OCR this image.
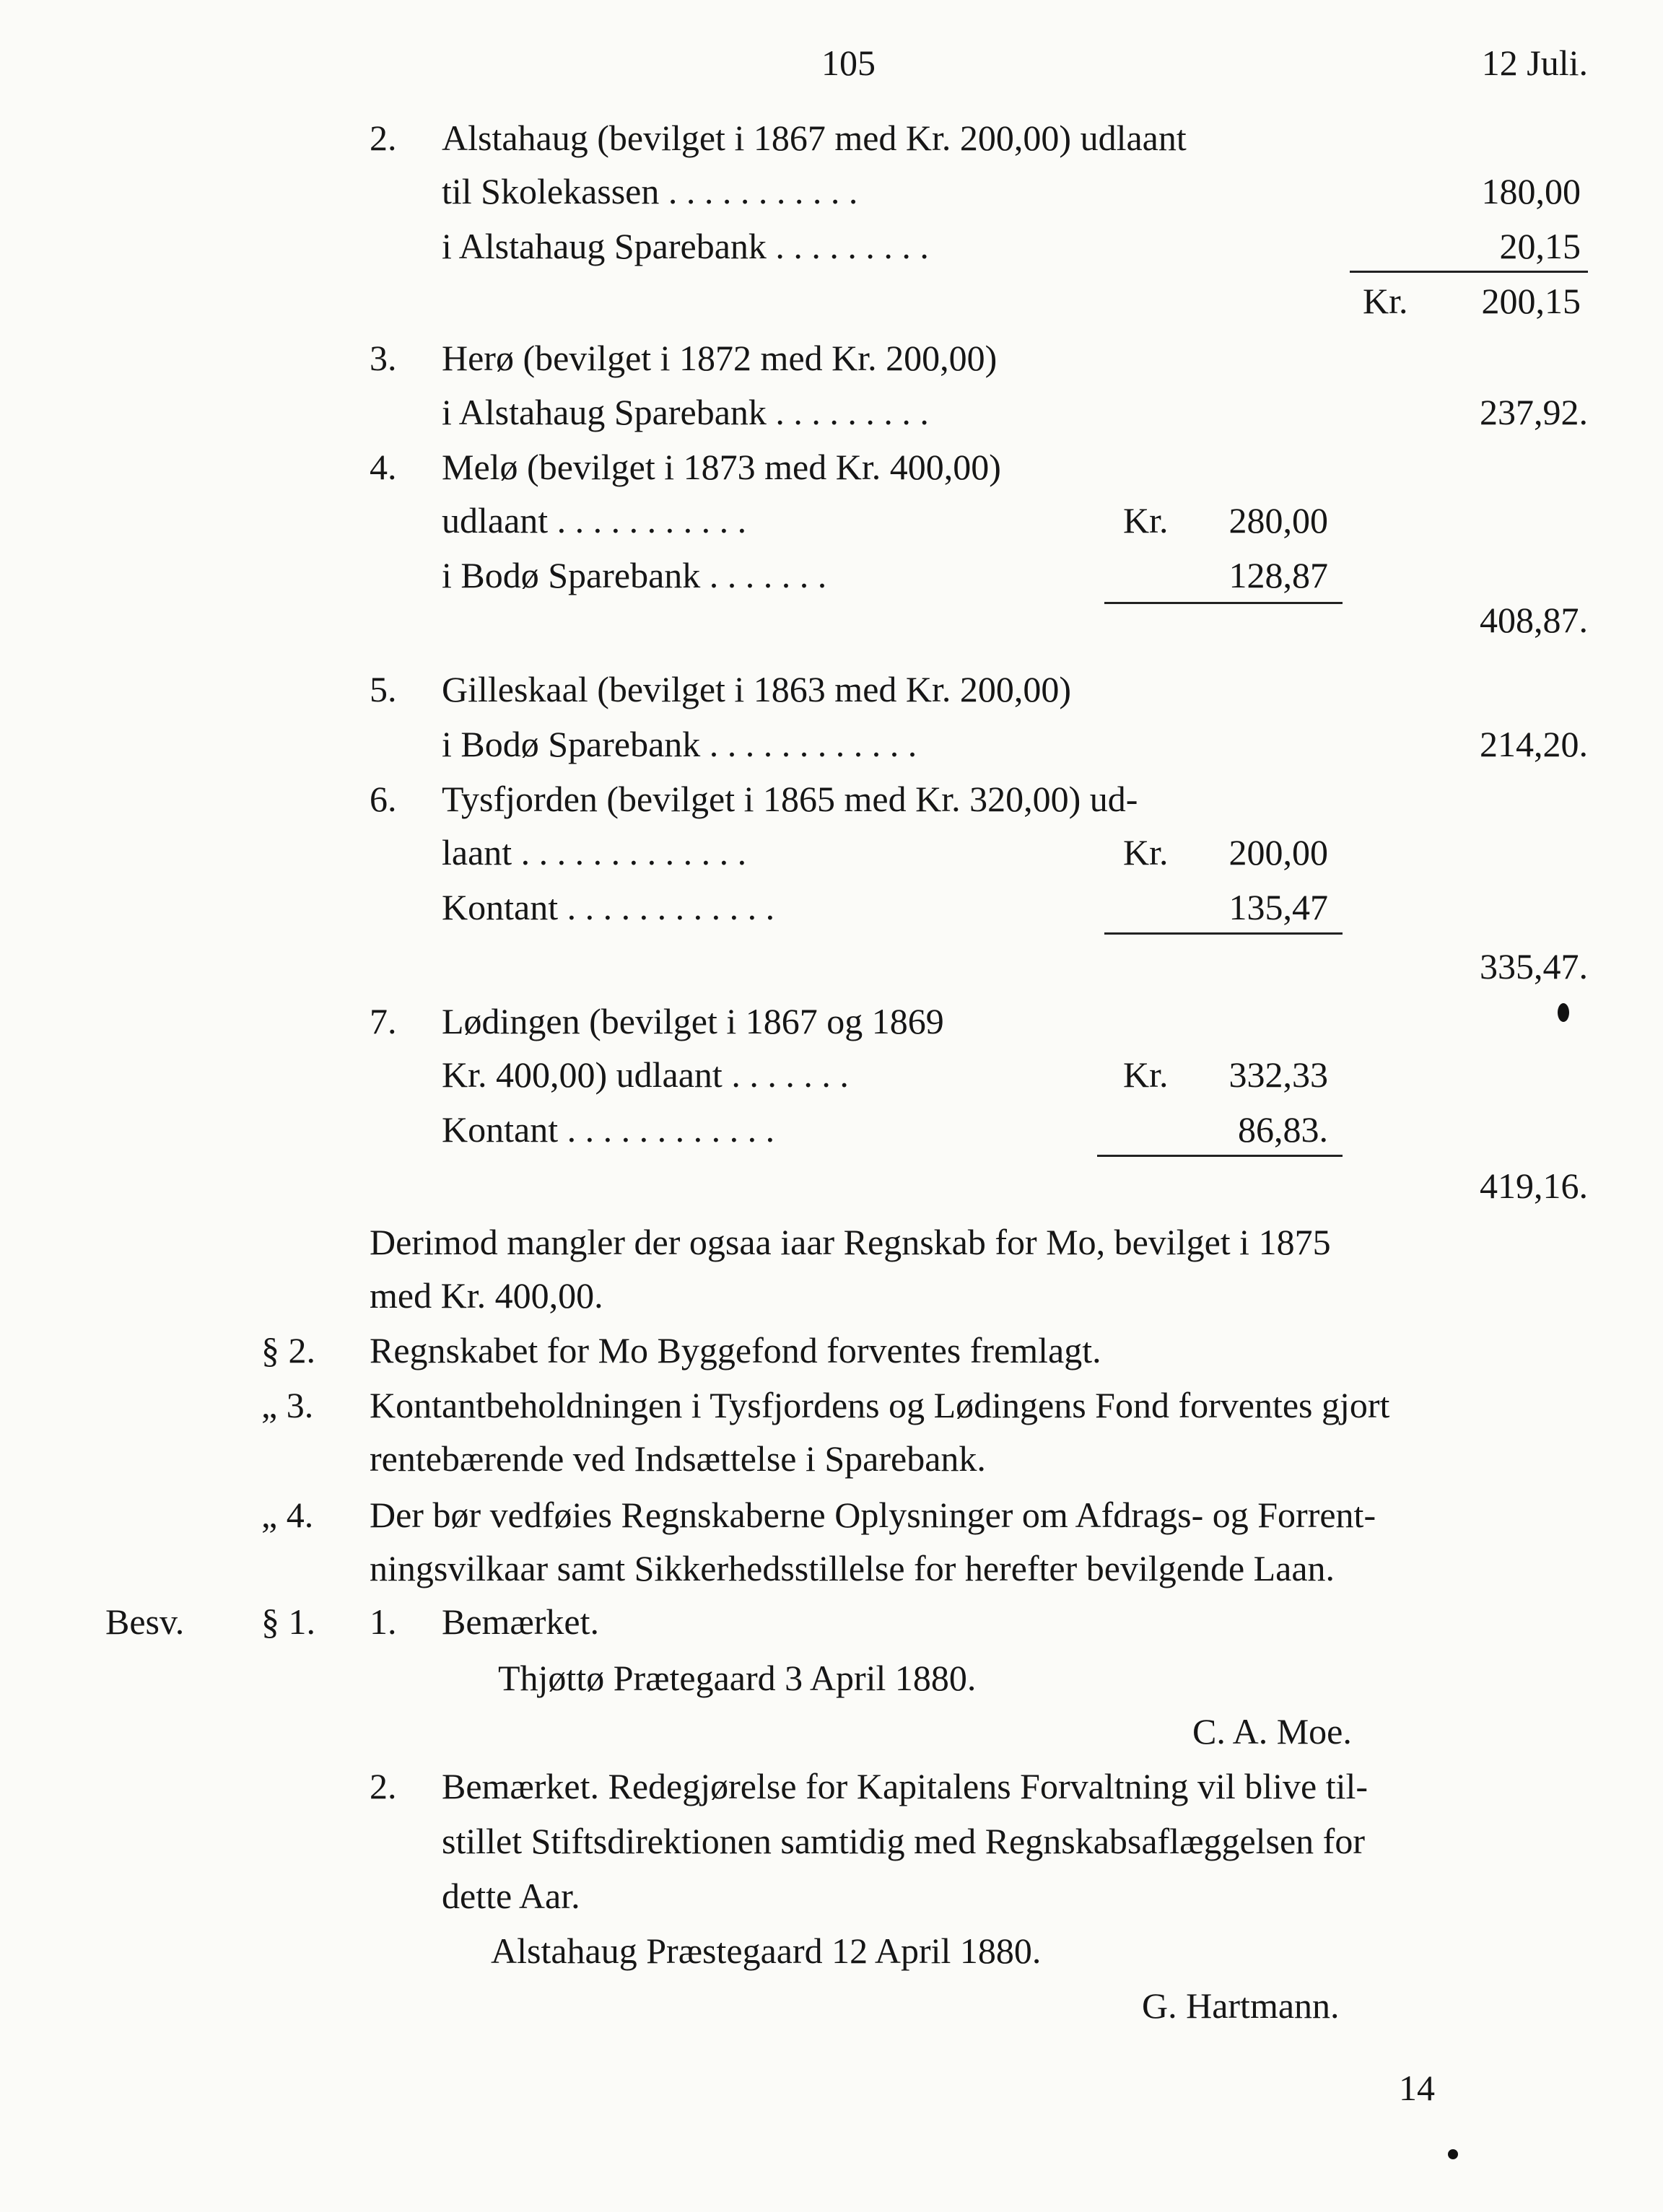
105	12 Juli.
2. Alstahaug (bevilget i 1867 med Kr. 200,00) udlaant
til Skolekassen . . . . . . . . . . .	180,00
i Alstahaug Sparebank . . . . . . . . .	20,15
Kr.	200,15
3. Herø (bevilget i 1872 med Kr. 200,00)
i Alstahaug Sparebank . . . . . . . . .	237,92.
4. Melø (bevilget i 1873 med Kr. 400,00)
udlaant . . . . . . . . . . .	Kr.	280,00
i Bodø Sparebank . . . . . . .	128,87
408,87.
5. Gilleskaal (bevilget i 1863 med Kr. 200,00)
i Bodø Sparebank . . . . . . . . . . . .	214,20.
6. Tysfjorden (bevilget i 1865 med Kr. 320,00) ud-
laant . . . . . . . . . . . . .	Kr.	200,00
Kontant . . . . . . . . . . . .	135,47
335,47.
7. Lødingen (bevilget i 1867 og 1869
Kr. 400,00) udlaant . . . . . . .	Kr.	332,33
Kontant . . . . . . . . . . . .	86,83.
419,16.
Derimod mangler der ogsaa iaar Regnskab for Mo, bevilget i 1875
med Kr. 400,00.
§ 2. Regnskabet for Mo Byggefond forventes fremlagt.
„ 3. Kontantbeholdningen i Tysfjordens og Lødingens Fond forventes gjort
rentebærende ved Indsættelse i Sparebank.
„ 4. Der bør vedføies Regnskaberne Oplysninger om Afdrags- og Forrent-
ningsvilkaar samt Sikkerhedsstillelse for herefter bevilgende Laan.
Besv. § 1. 1. Bemærket.
Thjøttø Prætegaard 3 April 1880.
C. A. Moe.
2. Bemærket. Redegjørelse for Kapitalens Forvaltning vil blive til-
stillet Stiftsdirektionen samtidig med Regnskabsaflæggelsen for
dette Aar.
Alstahaug Præstegaard 12 April 1880.
G. Hartmann.
14
